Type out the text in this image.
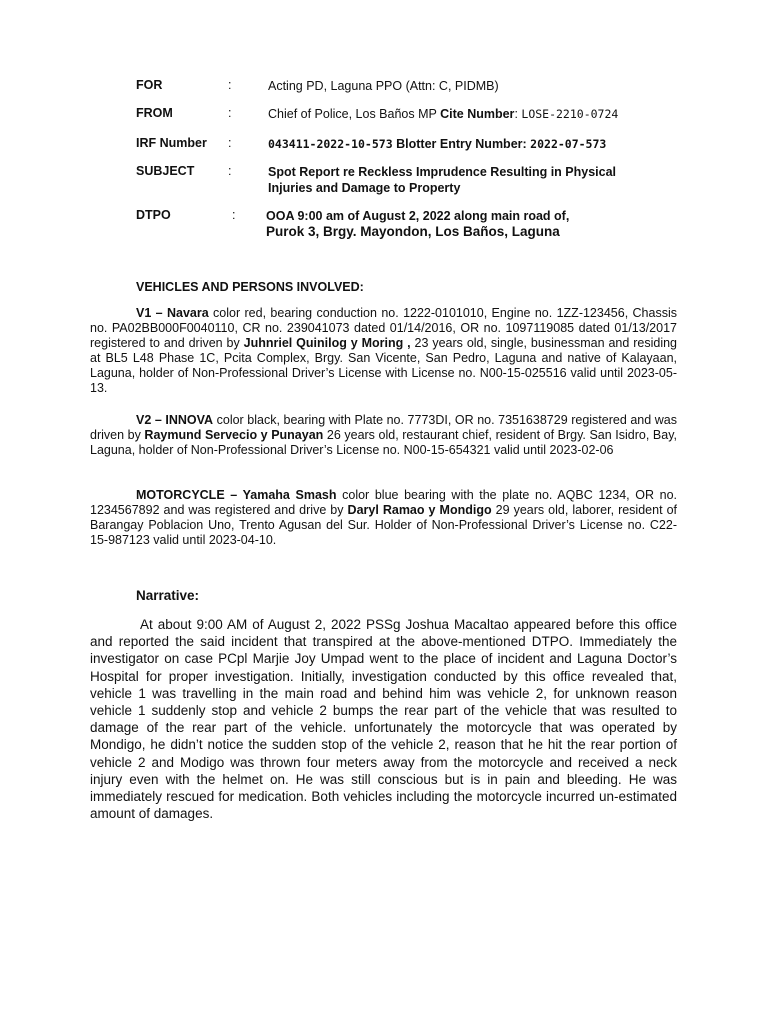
FOR	:	Acting PD, Laguna PPO (Attn: C, PIDMB)
FROM	:	Chief of Police, Los Baños MP Cite Number: LOSE-2210-0724
IRF Number :	043411-2022-10-573 Blotter Entry Number: 2022-07-573
SUBJECT	:	Spot Report re Reckless Imprudence Resulting in Physical
Injuries and Damage to Property
DTPO	: OOA 9:00 am of August 2, 2022 along main road of,
Purok 3, Brgy. Mayondon, Los Baños, Laguna
VEHICLES AND PERSONS INVOLVED:

V1 – Navara color red, bearing conduction no. 1222-0101010, Engine no. 1ZZ-123456, Chassis no. PA02BB000F0040110, CR no. 239041073 dated 01/14/2016, OR no. 1097119085 dated 01/13/2017 registered to and driven by Juhnriel Quinilog y Moring , 23 years old, single, businessman and residing at BL5 L48 Phase 1C, Pcita Complex, Brgy. San Vicente, San Pedro, Laguna and native of Kalayaan, Laguna, holder of Non-Professional Driver’s License with License no. N00-15-025516 valid until 2023-05-13.

V2 – INNOVA color black, bearing with Plate no. 7773DI, OR no. 7351638729 registered and was driven by Raymund Servecio y Punayan 26 years old, restaurant chief, resident of Brgy. San Isidro, Bay, Laguna, holder of Non-Professional Driver’s License no. N00-15-654321 valid until 2023-02-06

MOTORCYCLE – Yamaha Smash color blue bearing with the plate no. AQBC 1234, OR no. 1234567892 and was registered and drive by Daryl Ramao y Mondigo 29 years old, laborer, resident of Barangay Poblacion Uno, Trento Agusan del Sur. Holder of Non-Professional Driver’s License no. C22-15-987123 valid until 2023-04-10.

Narrative:

At about 9:00 AM of August 2, 2022 PSSg Joshua Macaltao appeared before this office and reported the said incident that transpired at the above-mentioned DTPO. Immediately the investigator on case PCpl Marjie Joy Umpad went to the place of incident and Laguna Doctor’s Hospital for proper investigation. Initially, investigation conducted by this office revealed that, vehicle 1 was travelling in the main road and behind him was vehicle 2, for unknown reason vehicle 1 suddenly stop and vehicle 2 bumps the rear part of the vehicle that was resulted to damage of the rear part of the vehicle. unfortunately the motorcycle that was operated by Mondigo, he didn’t notice the sudden stop of the vehicle 2, reason that he hit the rear portion of vehicle 2 and Modigo was thrown four meters away from the motorcycle and received a neck injury even with the helmet on. He was still conscious but is in pain and bleeding. He was immediately rescued for medication. Both vehicles including the motorcycle incurred un-estimated amount of damages.
